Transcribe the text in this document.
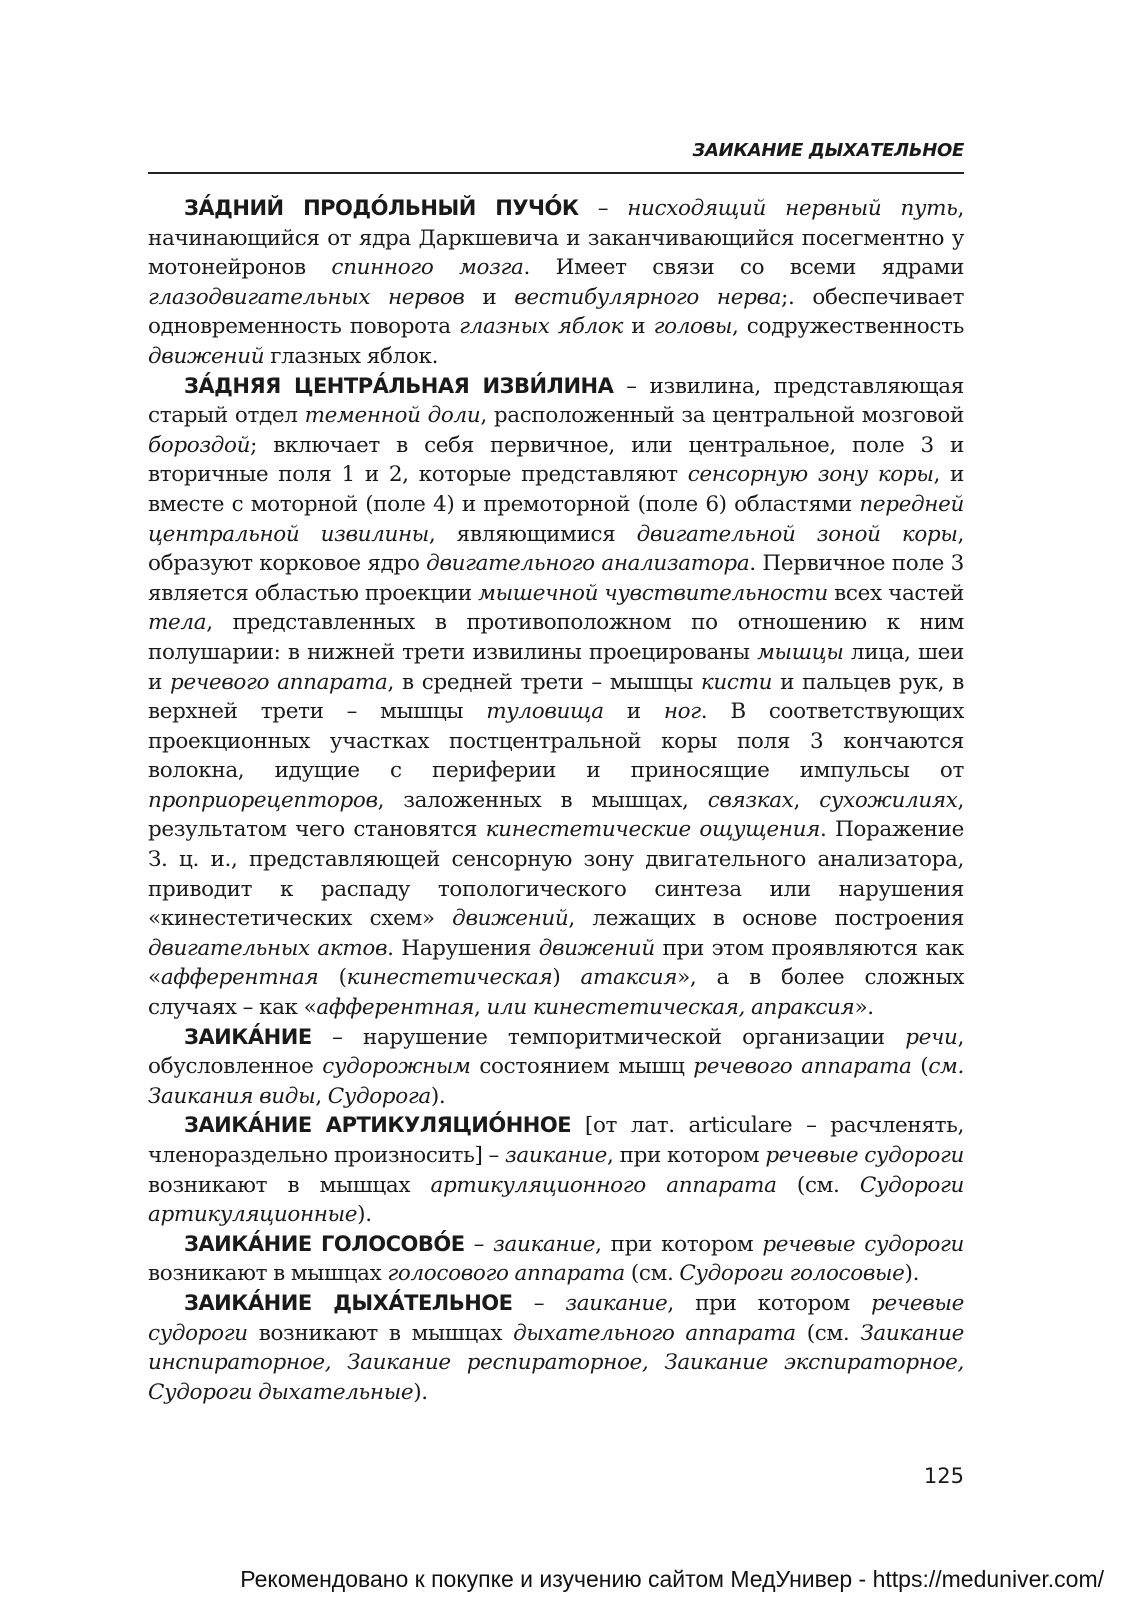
ЗАИКАНИЕ ДЫХАТЕЛЬНОЕ

ЗА́ДНИЙ ПРОДО́ЛЬНЫЙ ПУЧО́К – нисходящий нервный путь, начинающийся от ядра Даркшевича и заканчивающийся посегментно у мотонейронов спинного мозга. Имеет связи со всеми ядрами глазодвигательных нервов и вестибулярного нерва;. обеспечивает одновременность поворота глазных яблок и головы, содружественность движений глазных яблок.

ЗА́ДНЯЯ ЦЕНТРА́ЛЬНАЯ ИЗВИ́ЛИНА – извилина, представляющая старый отдел теменной доли, расположенный за центральной мозговой бороздой; включает в себя первичное, или центральное, поле 3 и вторичные поля 1 и 2, которые представляют сенсорную зону коры, и вместе с моторной (поле 4) и премоторной (поле 6) областями передней центральной извилины, являющимися двигательной зоной коры, образуют корковое ядро двигательного анализатора. Первичное поле 3 является областью проекции мышечной чувствительности всех частей тела, представленных в противоположном по отношению к ним полушарии: в нижней трети извилины проецированы мышцы лица, шеи и речевого аппарата, в средней трети – мышцы кисти и пальцев рук, в верхней трети – мышцы туловища и ног. В соответствующих проекционных участках постцентральной коры поля 3 кончаются волокна, идущие с периферии и приносящие импульсы от проприорецепторов, заложенных в мышцах, связках, сухожилиях, результатом чего становятся кинестетические ощущения. Поражение З. ц. и., представляющей сенсорную зону двигательного анализатора, приводит к распаду топологического синтеза или нарушения «кинестетических схем» движений, лежащих в основе построения двигательных актов. Нарушения движений при этом проявляются как «афферентная (кинестетическая) атаксия», а в более сложных случаях – как «афферентная, или кинестетическая, апраксия».

ЗАИКА́НИЕ – нарушение темпоритмической организации речи, обусловленное судорожным состоянием мышц речевого аппарата (см. Заикания виды, Судорога).

ЗАИКА́НИЕ АРТИКУЛЯЦИО́ННОЕ [от лат. articulare – расчленять, членораздельно произносить] – заикание, при котором речевые судороги возникают в мышцах артикуляционного аппарата (см. Судороги артикуляционные).

ЗАИКА́НИЕ ГОЛОСОВО́Е – заикание, при котором речевые судороги возникают в мышцах голосового аппарата (см. Судороги голосовые).

ЗАИКА́НИЕ ДЫХА́ТЕЛЬНОЕ – заикание, при котором речевые судороги возникают в мышцах дыхательного аппарата (см. Заикание инспираторное, Заикание респираторное, Заикание экспираторное, Судороги дыхательные).

125
Рекомендовано к покупке и изучению сайтом МедУнивер - https://meduniver.com/
